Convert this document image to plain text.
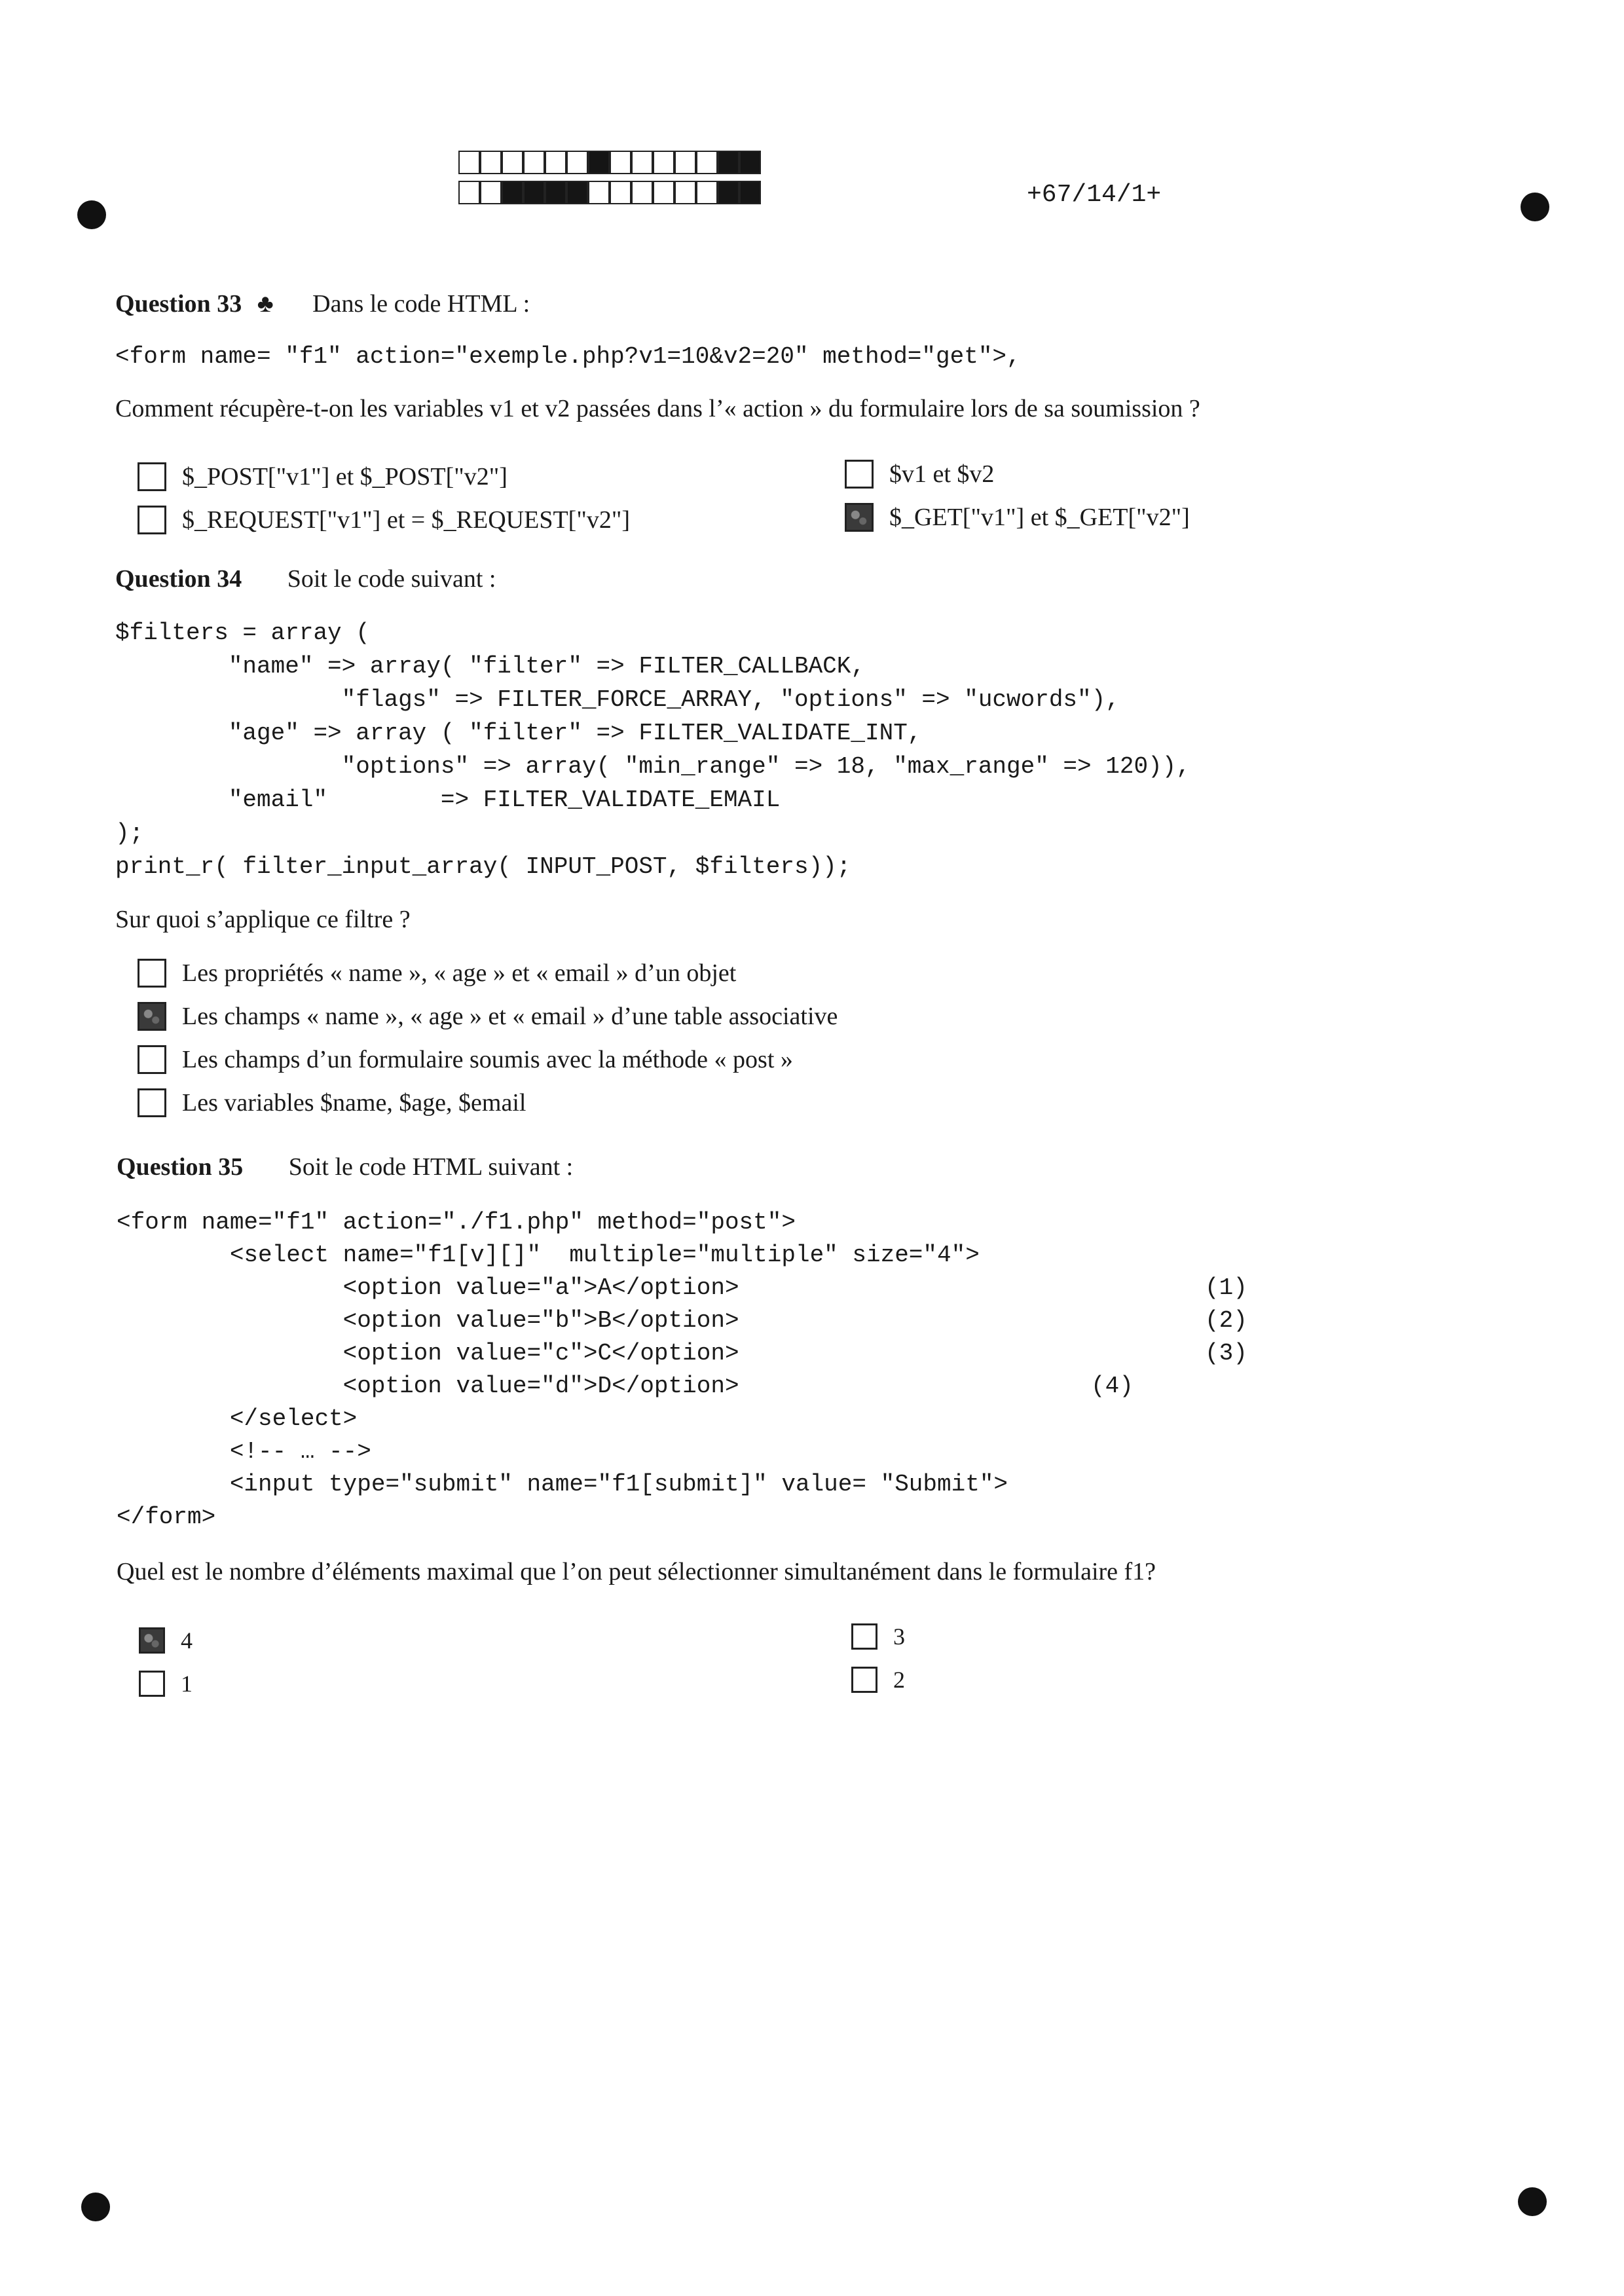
+67/14/1+
Question 33 ♣ Dans le code HTML :
<form name= "f1" action="exemple.php?v1=10&v2=20" method="get">,
Comment récupère-t-on les variables v1 et v2 passées dans l’« action » du formulaire lors de sa soumission ?
$_POST["v1"] et $_POST["v2"]
$_REQUEST["v1"] et = $_REQUEST["v2"]
$v1 et $v2
$_GET["v1"] et $_GET["v2"]
Question 34 Soit le code suivant :
$filters = array (
"name" => array( "filter" => FILTER_CALLBACK,
"flags" => FILTER_FORCE_ARRAY, "options" => "ucwords"),
"age" => array ( "filter" => FILTER_VALIDATE_INT,
"options" => array( "min_range" => 18, "max_range" => 120)),
"email"        => FILTER_VALIDATE_EMAIL
);
print_r( filter_input_array( INPUT_POST, $filters));
Sur quoi s’applique ce filtre ?
Les propriétés « name », « age » et « email » d’un objet
Les champs « name », « age » et « email » d’une table associative
Les champs d’un formulaire soumis avec la méthode « post »
Les variables $name, $age, $email
Question 35 Soit le code HTML suivant :
<form name="f1" action="./f1.php" method="post">
<select name="f1[v][]"  multiple="multiple" size="4">
<option value="a">A</option>
<option value="b">B</option>
<option value="c">C</option>
<option value="d">D</option>
</select>
<!-- … -->
<input type="submit" name="f1[submit]" value= "Submit">
</form>
(1)
(2)
(3)
(4)
Quel est le nombre d’éléments maximal que l’on peut sélectionner simultanément dans le formulaire f1?
4
1
3
2
